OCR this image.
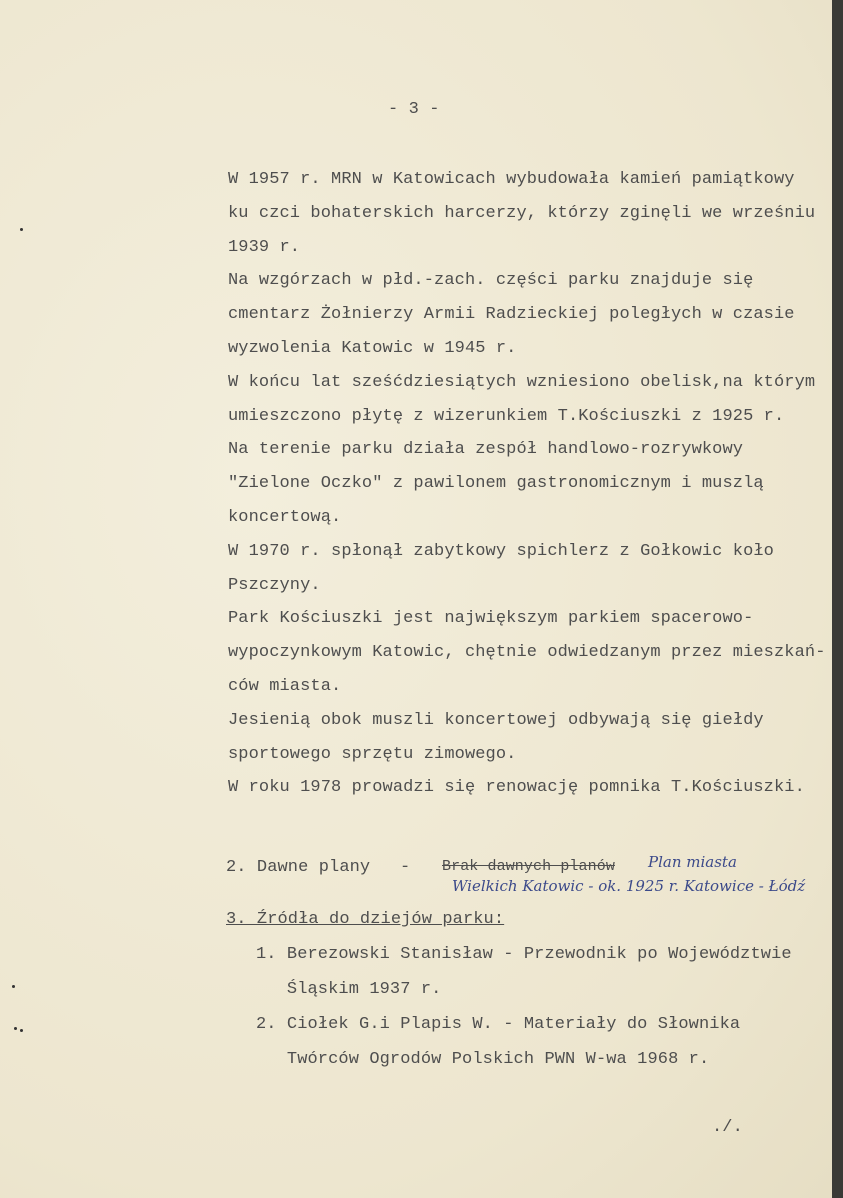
- 3 -
W 1957 r. MRN w Katowicach wybudowała kamień pamiątkowy
ku czci bohaterskich harcerzy, którzy zginęli we wrześniu
1939 r.
Na wzgórzach w płd.-zach. części parku znajduje się
cmentarz Żołnierzy Armii Radzieckiej poległych w czasie
wyzwolenia Katowic w 1945 r.
W końcu lat sześćdziesiątych wzniesiono obelisk,na którym
umieszczono płytę z wizerunkiem T.Kościuszki z 1925 r.
Na terenie parku działa zespół handlowo-rozrywkowy
"Zielone Oczko" z pawilonem gastronomicznym i muszlą
koncertową.
W 1970 r. spłonął zabytkowy spichlerz z Gołkowic koło
Pszczyny.
Park Kościuszki jest największym parkiem spacerowo-
wypoczynkowym Katowic, chętnie odwiedzanym przez mieszkań-
ców miasta.
Jesienią obok muszli koncertowej odbywają się giełdy
sportowego sprzętu zimowego.
W roku 1978 prowadzi się renowację pomnika T.Kościuszki.
2. Dawne plany - Brak dawnych planów Plan miasta
Wielkich Katowic - ok. 1925 r. Katowice - Łódź
3. Źródła do dziejów parku:
1. Berezowski Stanisław - Przewodnik po Województwie
Śląskim 1937 r.
2. Ciołek G.i Plapis W. - Materiały do Słownika
Twórców Ogrodów Polskich PWN W-wa 1968 r.
./.
